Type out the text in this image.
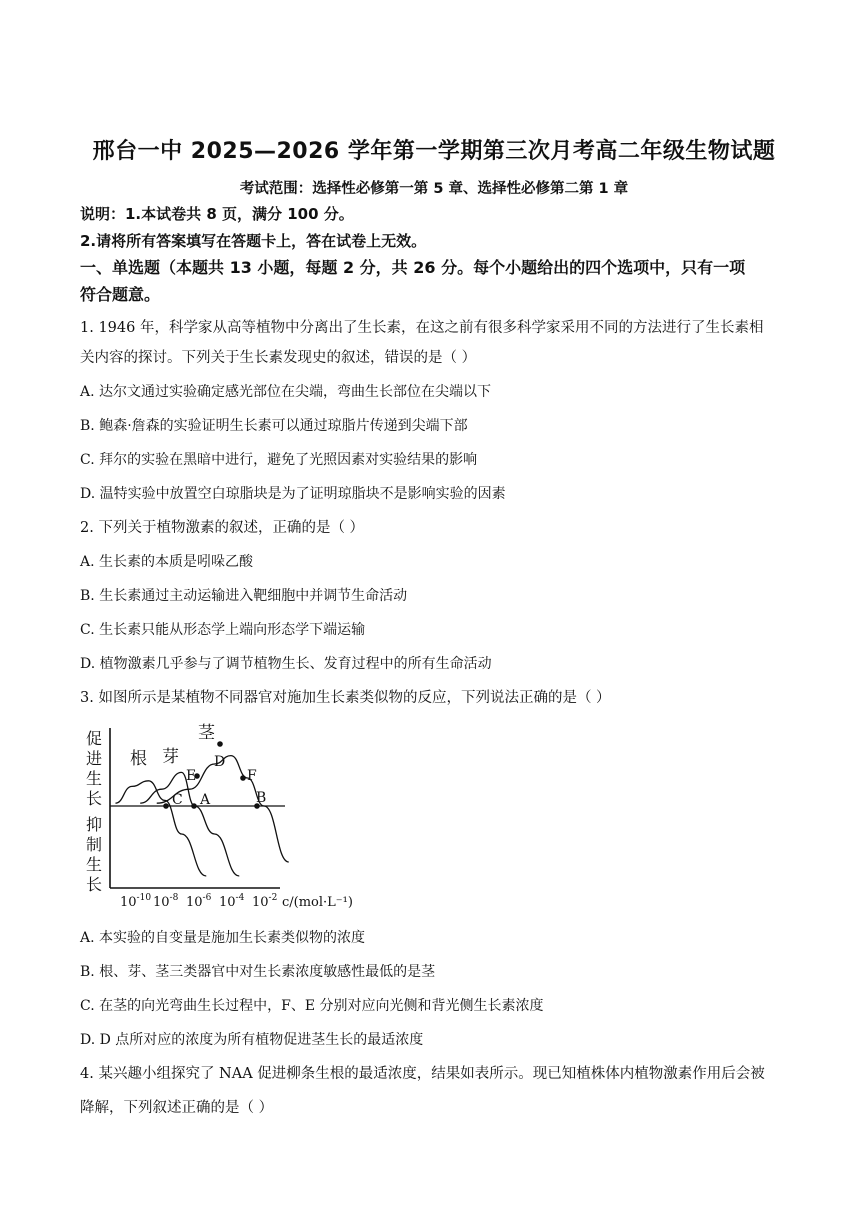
邢台一中 2025—2026 学年第一学期第三次月考高二年级生物试题
考试范围：选择性必修第一第 5 章、选择性必修第二第 1 章
说明：1.本试卷共 8 页，满分 100 分。
2.请将所有答案填写在答题卡上，答在试卷上无效。
一、单选题（本题共 13 小题，每题 2 分，共 26 分。每个小题给出的四个选项中，只有一项
符合题意。
1. 1946 年，科学家从高等植物中分离出了生长素，在这之前有很多科学家采用不同的方法进行了生长素相
关内容的探讨。下列关于生长素发现史的叙述，错误的是（ ）
A. 达尔文通过实验确定感光部位在尖端，弯曲生长部位在尖端以下
B. 鲍森·詹森的实验证明生长素可以通过琼脂片传递到尖端下部
C. 拜尔的实验在黑暗中进行，避免了光照因素对实验结果的影响
D. 温特实验中放置空白琼脂块是为了证明琼脂块不是影响实验的因素
2. 下列关于植物激素的叙述，正确的是（ ）
A. 生长素的本质是吲哚乙酸
B. 生长素通过主动运输进入靶细胞中并调节生命活动
C. 生长素只能从形态学上端向形态学下端运输
D. 植物激素几乎参与了调节植物生长、发育过程中的所有生命活动
3. 如图所示是某植物不同器官对施加生长素类似物的反应，下列说法正确的是（ ）
促
进
生
长
抑
制
生
长
$10^{-10}$ $10^{-8}$ $10^{-6}$ $10^{-4}$ $10^{-2}$ c/(mol·L⁻¹)
根 芽
茎
E
D
F
C A	B
A. 本实验的自变量是施加生长素类似物的浓度
B. 根、芽、茎三类器官中对生长素浓度敏感性最低的是茎
C. 在茎的向光弯曲生长过程中，F、E 分别对应向光侧和背光侧生长素浓度
D. D 点所对应的浓度为所有植物促进茎生长的最适浓度
4. 某兴趣小组探究了 NAA 促进柳条生根的最适浓度，结果如表所示。现已知植株体内植物激素作用后会被
降解，下列叙述正确的是（ ）
